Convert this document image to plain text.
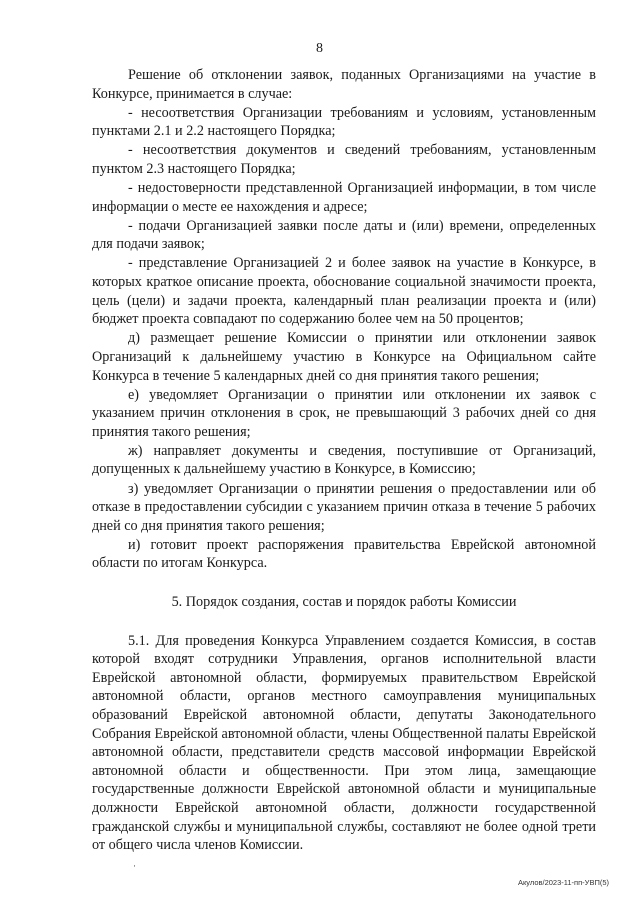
8

Решение об отклонении заявок, поданных Организациями на участие в Конкурсе, принимается в случае:

- несоответствия Организации требованиям и условиям, установленным пунктами 2.1 и 2.2 настоящего Порядка;

- несоответствия документов и сведений требованиям, установленным пунктом 2.3 настоящего Порядка;

- недостоверности представленной Организацией информации, в том числе информации о месте ее нахождения и адресе;

- подачи Организацией заявки после даты и (или) времени, определенных для подачи заявок;

- представление Организацией 2 и более заявок на участие в Конкурсе, в которых краткое описание проекта, обоснование социальной значимости проекта, цель (цели) и задачи проекта, календарный план реализации проекта и (или) бюджет проекта совпадают по содержанию более чем на 50 процентов;

д) размещает решение Комиссии о принятии или отклонении заявок Организаций к дальнейшему участию в Конкурсе на Официальном сайте Конкурса в течение 5 календарных дней со дня принятия такого решения;

е) уведомляет Организации о принятии или отклонении их заявок с указанием причин отклонения в срок, не превышающий 3 рабочих дней со дня принятия такого решения;

ж) направляет документы и сведения, поступившие от Организаций, допущенных к дальнейшему участию в Конкурсе, в Комиссию;

з) уведомляет Организации о принятии решения о предоставлении или об отказе в предоставлении субсидии с указанием причин отказа в течение 5 рабочих дней со дня принятия такого решения;

и) готовит проект распоряжения правительства Еврейской автономной области по итогам Конкурса.

5. Порядок создания, состав и порядок работы Комиссии

5.1. Для проведения Конкурса Управлением создается Комиссия, в состав которой входят сотрудники Управления, органов исполнительной власти Еврейской автономной области, формируемых правительством Еврейской автономной области, органов местного самоуправления муниципальных образований Еврейской автономной области, депутаты Законодательного Собрания Еврейской автономной области, члены Общественной палаты Еврейской автономной области, представители средств массовой информации Еврейской автономной области и общественности. При этом лица, замещающие государственные должности Еврейской автономной области и муниципальные должности Еврейской автономной области, должности государственной гражданской службы и муниципальной службы, составляют не более одной трети от общего числа членов Комиссии.

·
Акулов/2023-11-пп-УВП(5)
